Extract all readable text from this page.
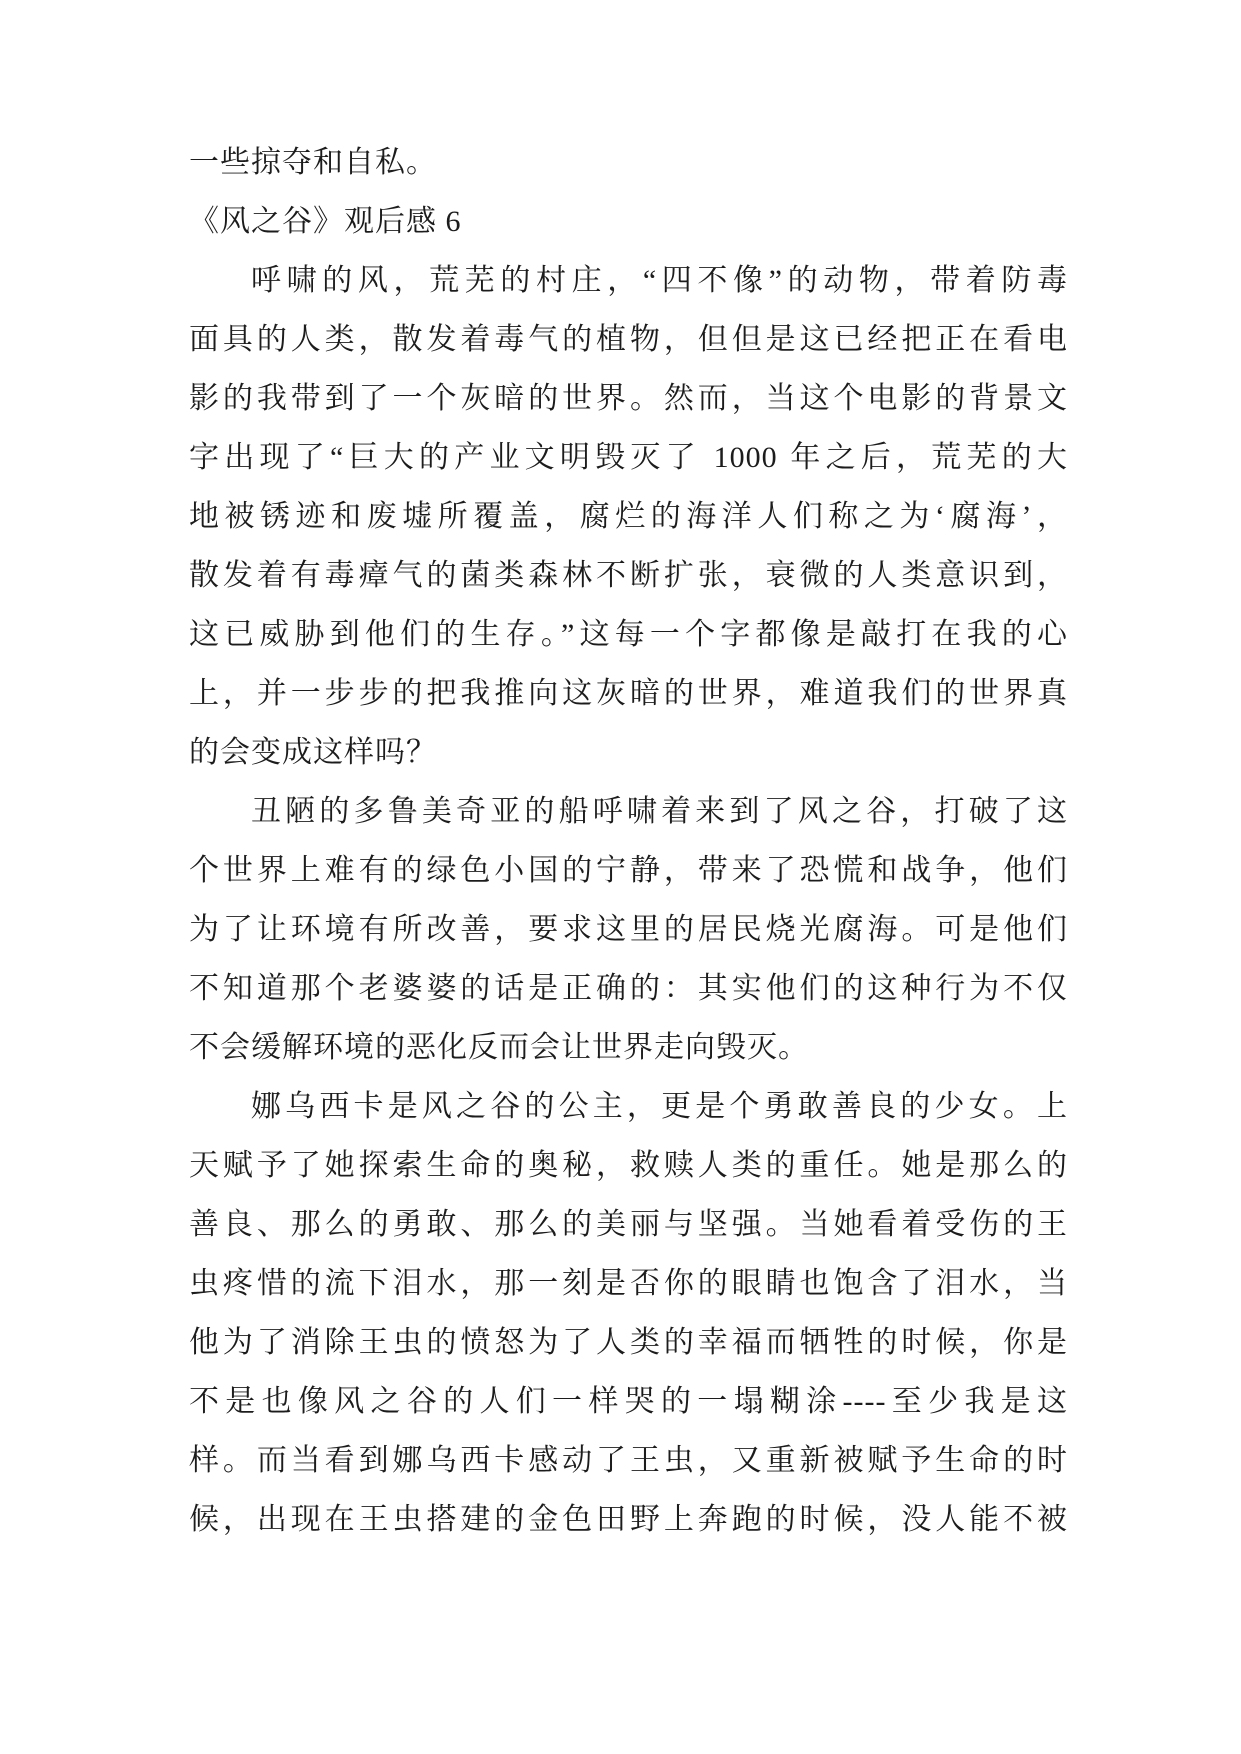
一些掠夺和自私。
《风之谷》观后感 6
呼啸的风，荒芜的村庄，“四不像”的动物，带着防毒
面具的人类，散发着毒气的植物，但但是这已经把正在看电
影的我带到了一个灰暗的世界。然而，当这个电影的背景文
字出现了“巨大的产业文明毁灭了 1000 年之后，荒芜的大
地被锈迹和废墟所覆盖，腐烂的海洋人们称之为‘腐海’，
散发着有毒瘴气的菌类森林不断扩张，衰微的人类意识到，
这已威胁到他们的生存。”这每一个字都像是敲打在我的心
上，并一步步的把我推向这灰暗的世界，难道我们的世界真
的会变成这样吗？
丑陋的多鲁美奇亚的船呼啸着来到了风之谷，打破了这
个世界上难有的绿色小国的宁静，带来了恐慌和战争，他们
为了让环境有所改善，要求这里的居民烧光腐海。可是他们
不知道那个老婆婆的话是正确的：其实他们的这种行为不仅
不会缓解环境的恶化反而会让世界走向毁灭。
娜乌西卡是风之谷的公主，更是个勇敢善良的少女。上
天赋予了她探索生命的奥秘，救赎人类的重任。她是那么的
善良、那么的勇敢、那么的美丽与坚强。当她看着受伤的王
虫疼惜的流下泪水，那一刻是否你的眼睛也饱含了泪水，当
他为了消除王虫的愤怒为了人类的幸福而牺牲的时候，你是
不是也像风之谷的人们一样哭的一塌糊涂----至少我是这
样。而当看到娜乌西卡感动了王虫，又重新被赋予生命的时
候，出现在王虫搭建的金色田野上奔跑的时候，没人能不被
